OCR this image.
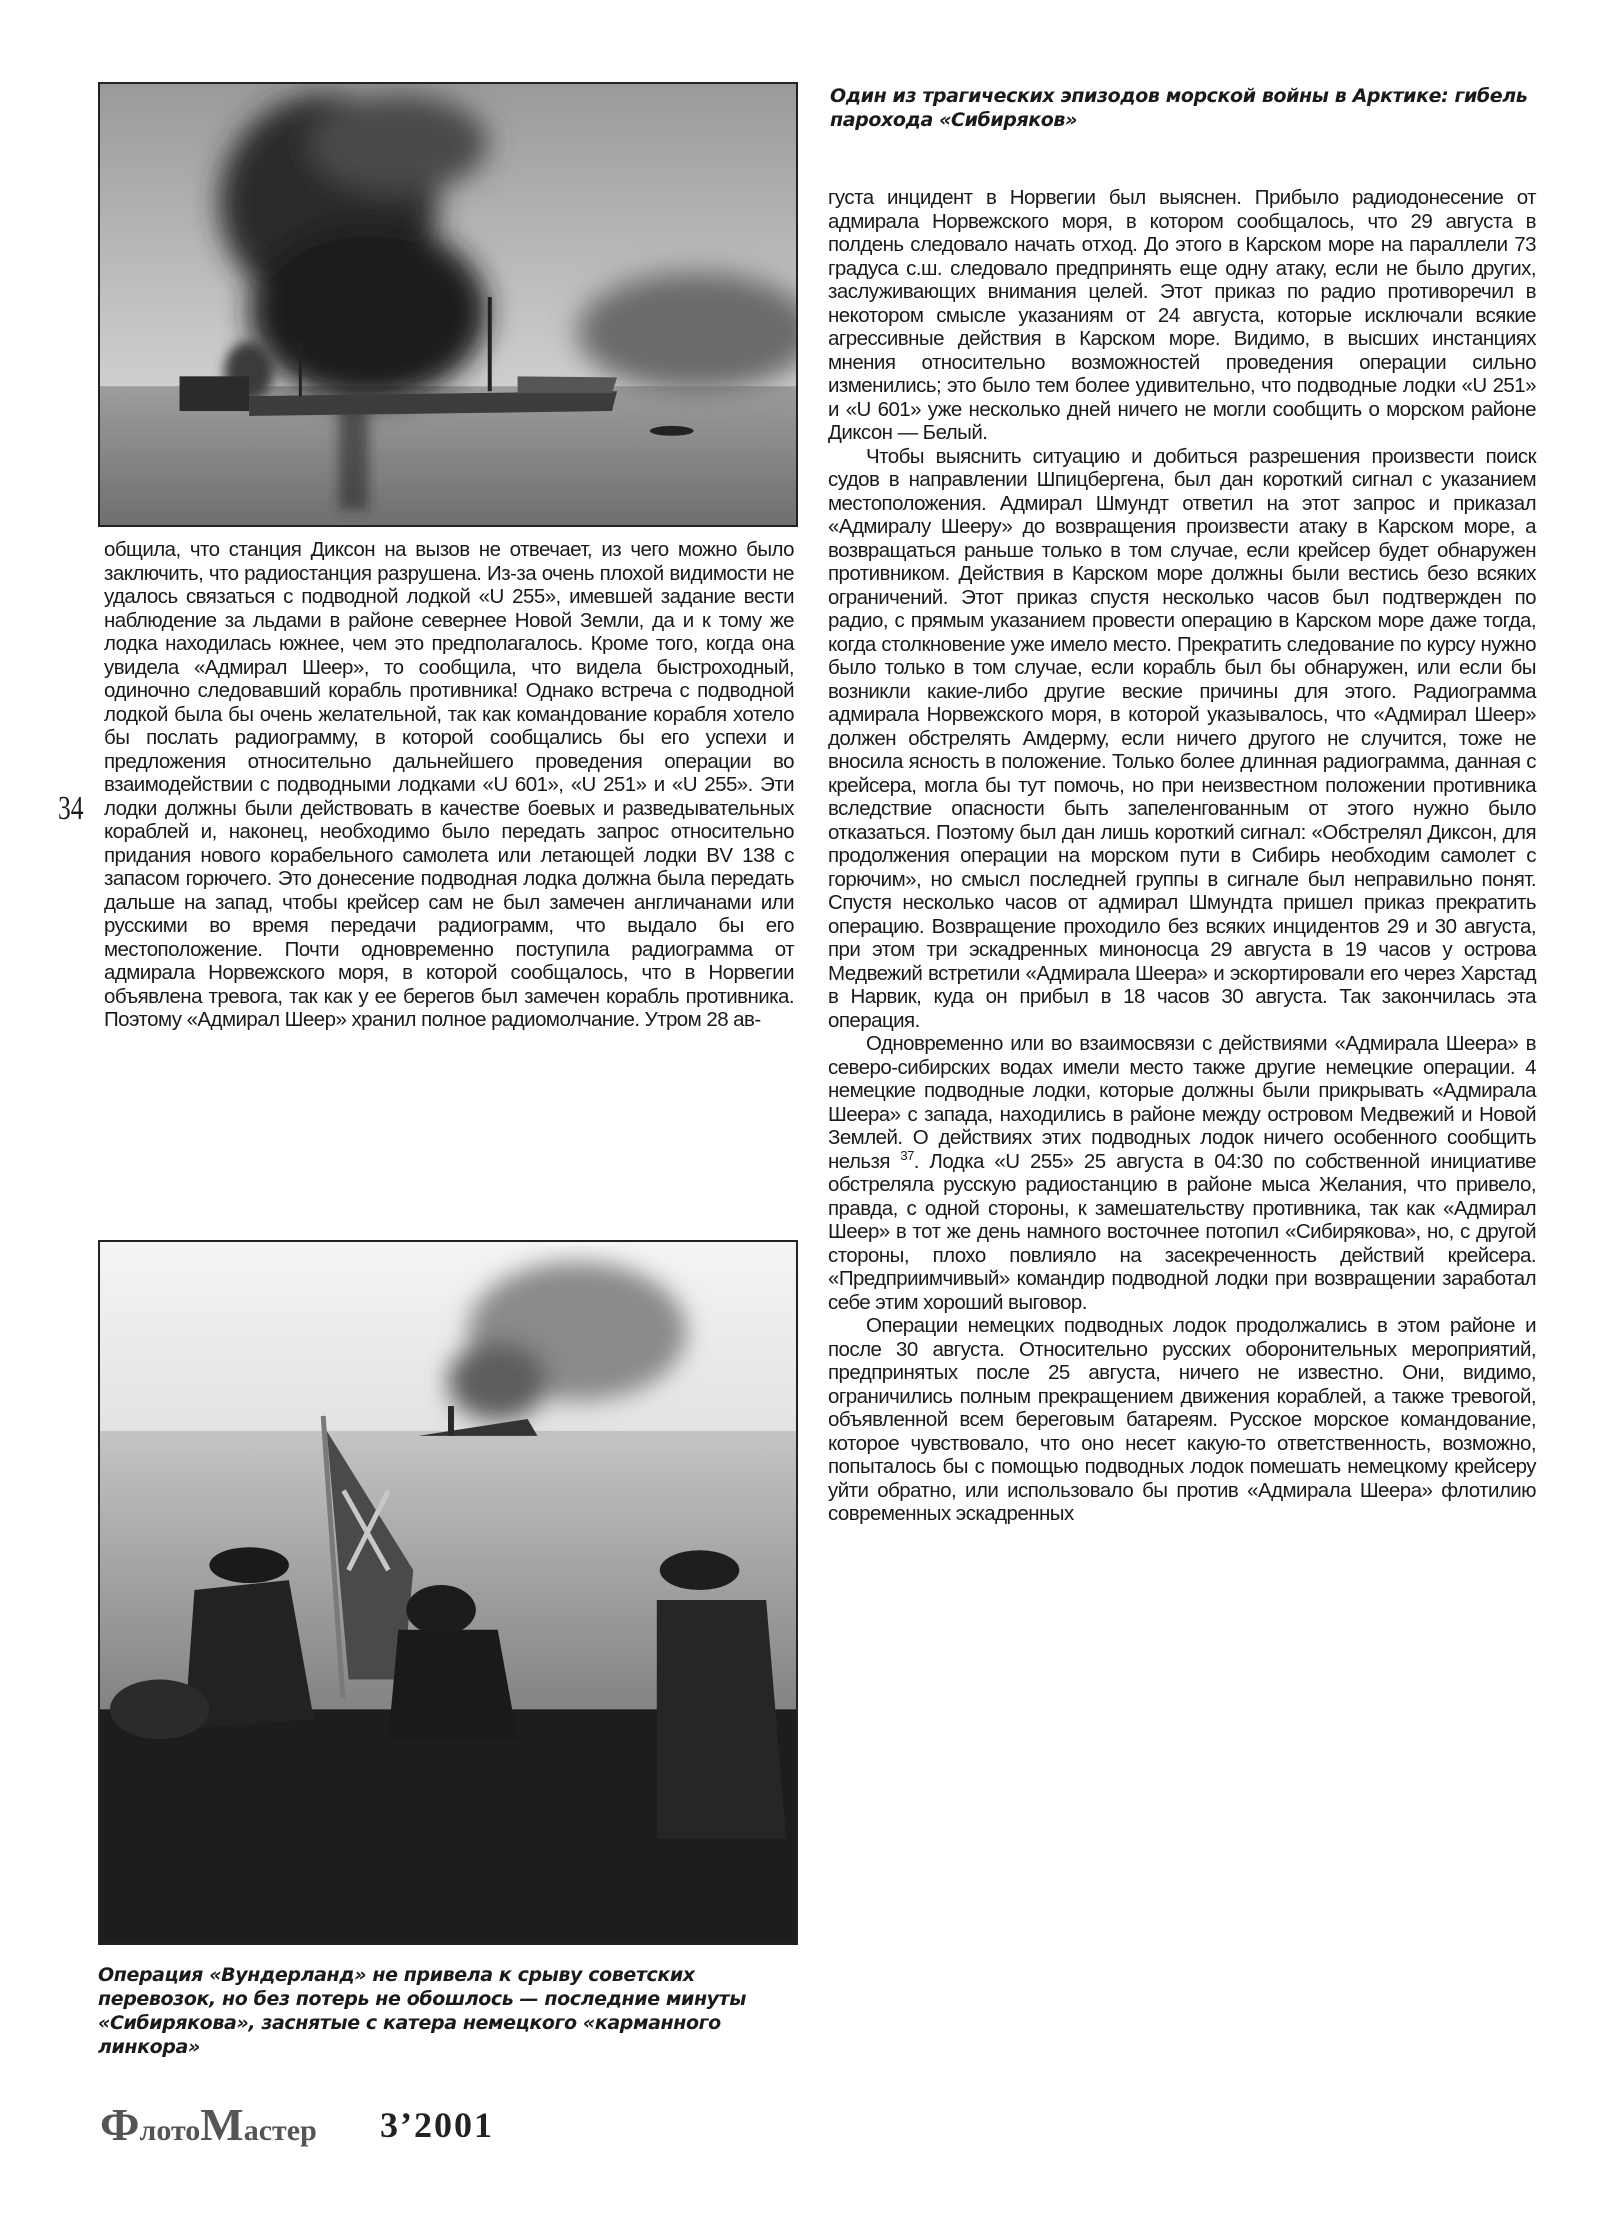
Один из трагических эпизодов морской войны в Арктике: гибель парохода «Сибиряков»

густа инцидент в Норвегии был выяснен. Прибыло радиодонесение от адмирала Норвежского моря, в котором сообщалось, что 29 августа в полдень следовало начать отход. До этого в Карском море на параллели 73 градуса с.ш. следовало предпринять еще одну атаку, если не было других, заслуживающих внимания целей. Этот приказ по радио противоречил в некотором смысле указаниям от 24 августа, которые исключали всякие агрессивные действия в Карском море. Видимо, в высших инстанциях мнения относительно возможностей проведения операции сильно изменились; это было тем более удивительно, что подводные лодки «U 251» и «U 601» уже несколько дней ничего не могли сообщить о морском районе Диксон — Белый.

Чтобы выяснить ситуацию и добиться разрешения произвести поиск судов в направлении Шпицбергена, был дан короткий сигнал с указанием местоположения. Адмирал Шмундт ответил на этот запрос и приказал «Адмиралу Шееру» до возвращения произвести атаку в Карском море, а возвращаться раньше только в том случае, если крейсер будет обнаружен противником. Действия в Карском море должны были вестись безо всяких ограничений. Этот приказ спустя несколько часов был подтвержден по радио, с прямым указанием провести операцию в Карском море даже тогда, когда столкновение уже имело место. Прекратить следование по курсу нужно было только в том случае, если корабль был бы обнаружен, или если бы возникли какие-либо другие веские причины для этого. Радиограмма адмирала Норвежского моря, в которой указывалось, что «Адмирал Шеер» должен обстрелять Амдерму, если ничего другого не случится, тоже не вносила ясность в положение. Только более длинная радиограмма, данная с крейсера, могла бы тут помочь, но при неизвестном положении противника вследствие опасности быть запеленгованным от этого нужно было отказаться. Поэтому был дан лишь короткий сигнал: «Обстрелял Диксон, для продолжения операции на морском пути в Сибирь необходим самолет с горючим», но смысл последней группы в сигнале был неправильно понят. Спустя несколько часов от адмирал Шмундта пришел приказ прекратить операцию. Возвращение проходило без всяких инцидентов 29 и 30 августа, при этом три эскадренных миноносца 29 августа в 19 часов у острова Медвежий встретили «Адмирала Шеера» и эскортировали его через Харстад в Нарвик, куда он прибыл в 18 часов 30 августа. Так закончилась эта операция.

Одновременно или во взаимосвязи с действиями «Адмирала Шеера» в северо-сибирских водах имели место также другие немецкие операции. 4 немецкие подводные лодки, которые должны были прикрывать «Адмирала Шеера» с запада, находились в районе между островом Медвежий и Новой Землей. О действиях этих подводных лодок ничего особенного сообщить нельзя $^{37}$. Лодка «U 255» 25 августа в 04:30 по собственной инициативе обстреляла русскую радиостанцию в районе мыса Желания, что привело, правда, с одной стороны, к замешательству противника, так как «Адмирал Шеер» в тот же день намного восточнее потопил «Сибирякова», но, с другой стороны, плохо повлияло на засекреченность действий крейсера. «Предприимчивый» командир подводной лодки при возвращении заработал себе этим хороший выговор.

Операции немецких подводных лодок продолжались в этом районе и после 30 августа. Относительно русских оборонительных мероприятий, предпринятых после 25 августа, ничего не известно. Они, видимо, ограничились полным прекращением движения кораблей, а также тревогой, объявленной всем береговым батареям. Русское морское командование, которое чувствовало, что оно несет какую-то ответственность, возможно, попыталось бы с помощью подводных лодок помешать немецкому крейсеру уйти обратно, или использовало бы против «Адмирала Шеера» флотилию современных эскадренных

общила, что станция Диксон на вызов не отвечает, из чего можно было заключить, что радиостанция разрушена. Из-за очень плохой видимости не удалось связаться с подводной лодкой «U 255», имевшей задание вести наблюдение за льдами в районе севернее Новой Земли, да и к тому же лодка находилась южнее, чем это предполагалось. Кроме того, когда она увидела «Адмирал Шеер», то сообщила, что видела быстроходный, одиночно следовавший корабль противника! Однако встреча с подводной лодкой была бы очень желательной, так как командование корабля хотело бы послать радиограмму, в которой сообщались бы его успехи и предложения относительно дальнейшего проведения операции во взаимодействии с подводными лодками «U 601», «U 251» и «U 255». Эти лодки должны были действовать в качестве боевых и разведывательных кораблей и, наконец, необходимо было передать запрос относительно придания нового корабельного самолета или летающей лодки BV 138 с запасом горючего. Это донесение подводная лодка должна была передать дальше на запад, чтобы крейсер сам не был замечен англичанами или русскими во время передачи радиограмм, что выдало бы его местоположение. Почти одновременно поступила радиограмма от адмирала Норвежского моря, в которой сообщалось, что в Норвегии объявлена тревога, так как у ее берегов был замечен корабль противника. Поэтому «Адмирал Шеер» хранил полное радиомолчание. Утром 28 ав-

34
Операция «Вундерланд» не привела к срыву советских перевозок, но без потерь не обошлось — последние минуты «Сибирякова», заснятые с катера немецкого «карманного линкора»
ФлотоМастер 3’2001
